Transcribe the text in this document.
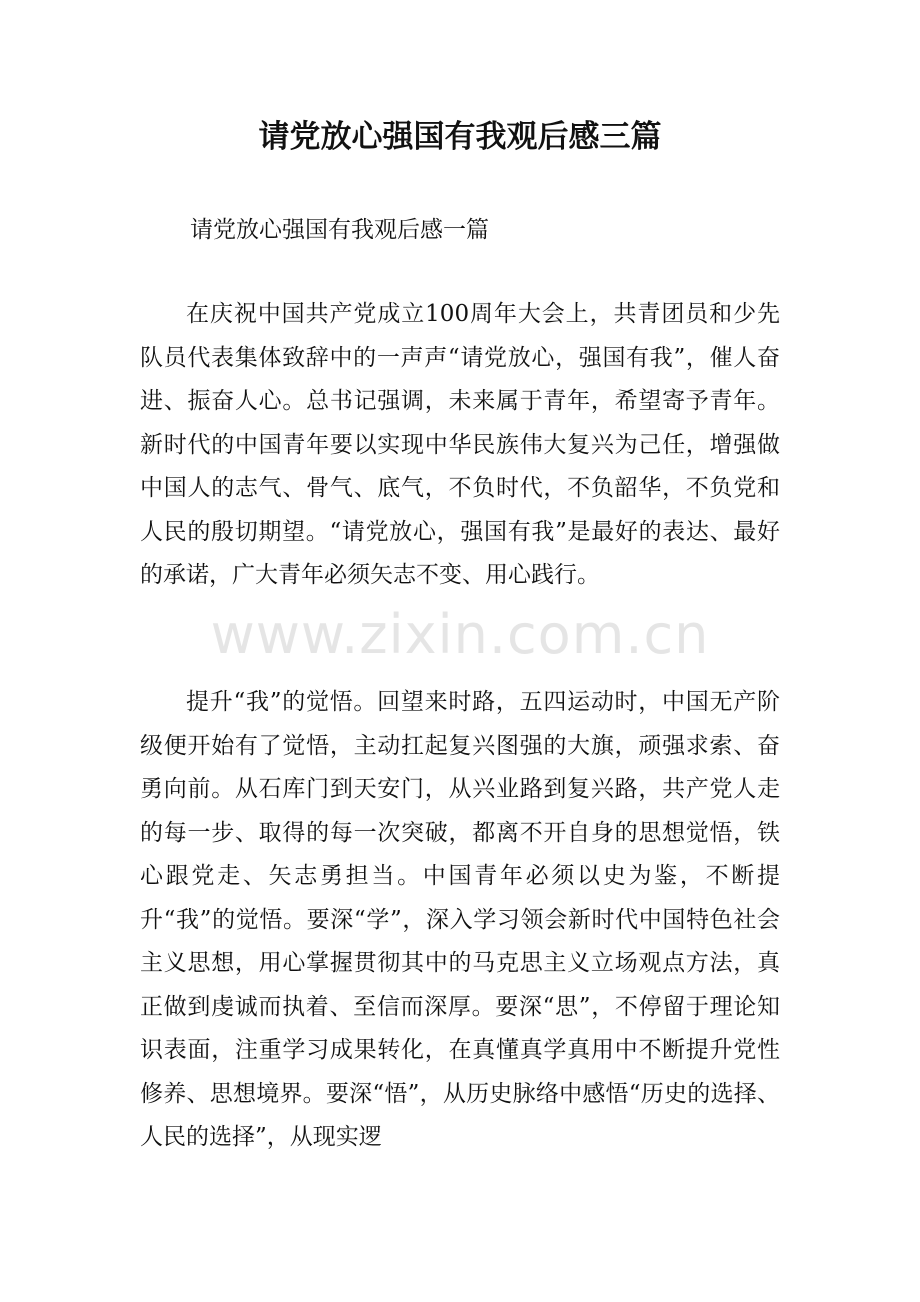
请党放心强国有我观后感三篇
请党放心强国有我观后感一篇

在庆祝中国共产党成立100周年大会上，共青团员和少先队员代表集体致辞中的一声声“请党放心，强国有我”，催人奋进、振奋人心。总书记强调，未来属于青年，希望寄予青年。新时代的中国青年要以实现中华民族伟大复兴为己任，增强做中国人的志气、骨气、底气，不负时代，不负韶华，不负党和人民的殷切期望。“请党放心，强国有我”是最好的表达、最好的承诺，广大青年必须矢志不变、用心践行。

提升“我”的觉悟。回望来时路，五四运动时，中国无产阶级便开始有了觉悟，主动扛起复兴图强的大旗，顽强求索、奋勇向前。从石库门到天安门，从兴业路到复兴路，共产党人走的每一步、取得的每一次突破，都离不开自身的思想觉悟，铁心跟党走、矢志勇担当。中国青年必须以史为鉴，不断提升“我”的觉悟。要深“学”，深入学习领会新时代中国特色社会主义思想，用心掌握贯彻其中的马克思主义立场观点方法，真正做到虔诚而执着、至信而深厚。要深“思”，不停留于理论知识表面，注重学习成果转化，在真懂真学真用中不断提升党性修养、思想境界。要深“悟”，从历史脉络中感悟“历史的选择、人民的选择”，从现实逻

www.zixin.com.cn
